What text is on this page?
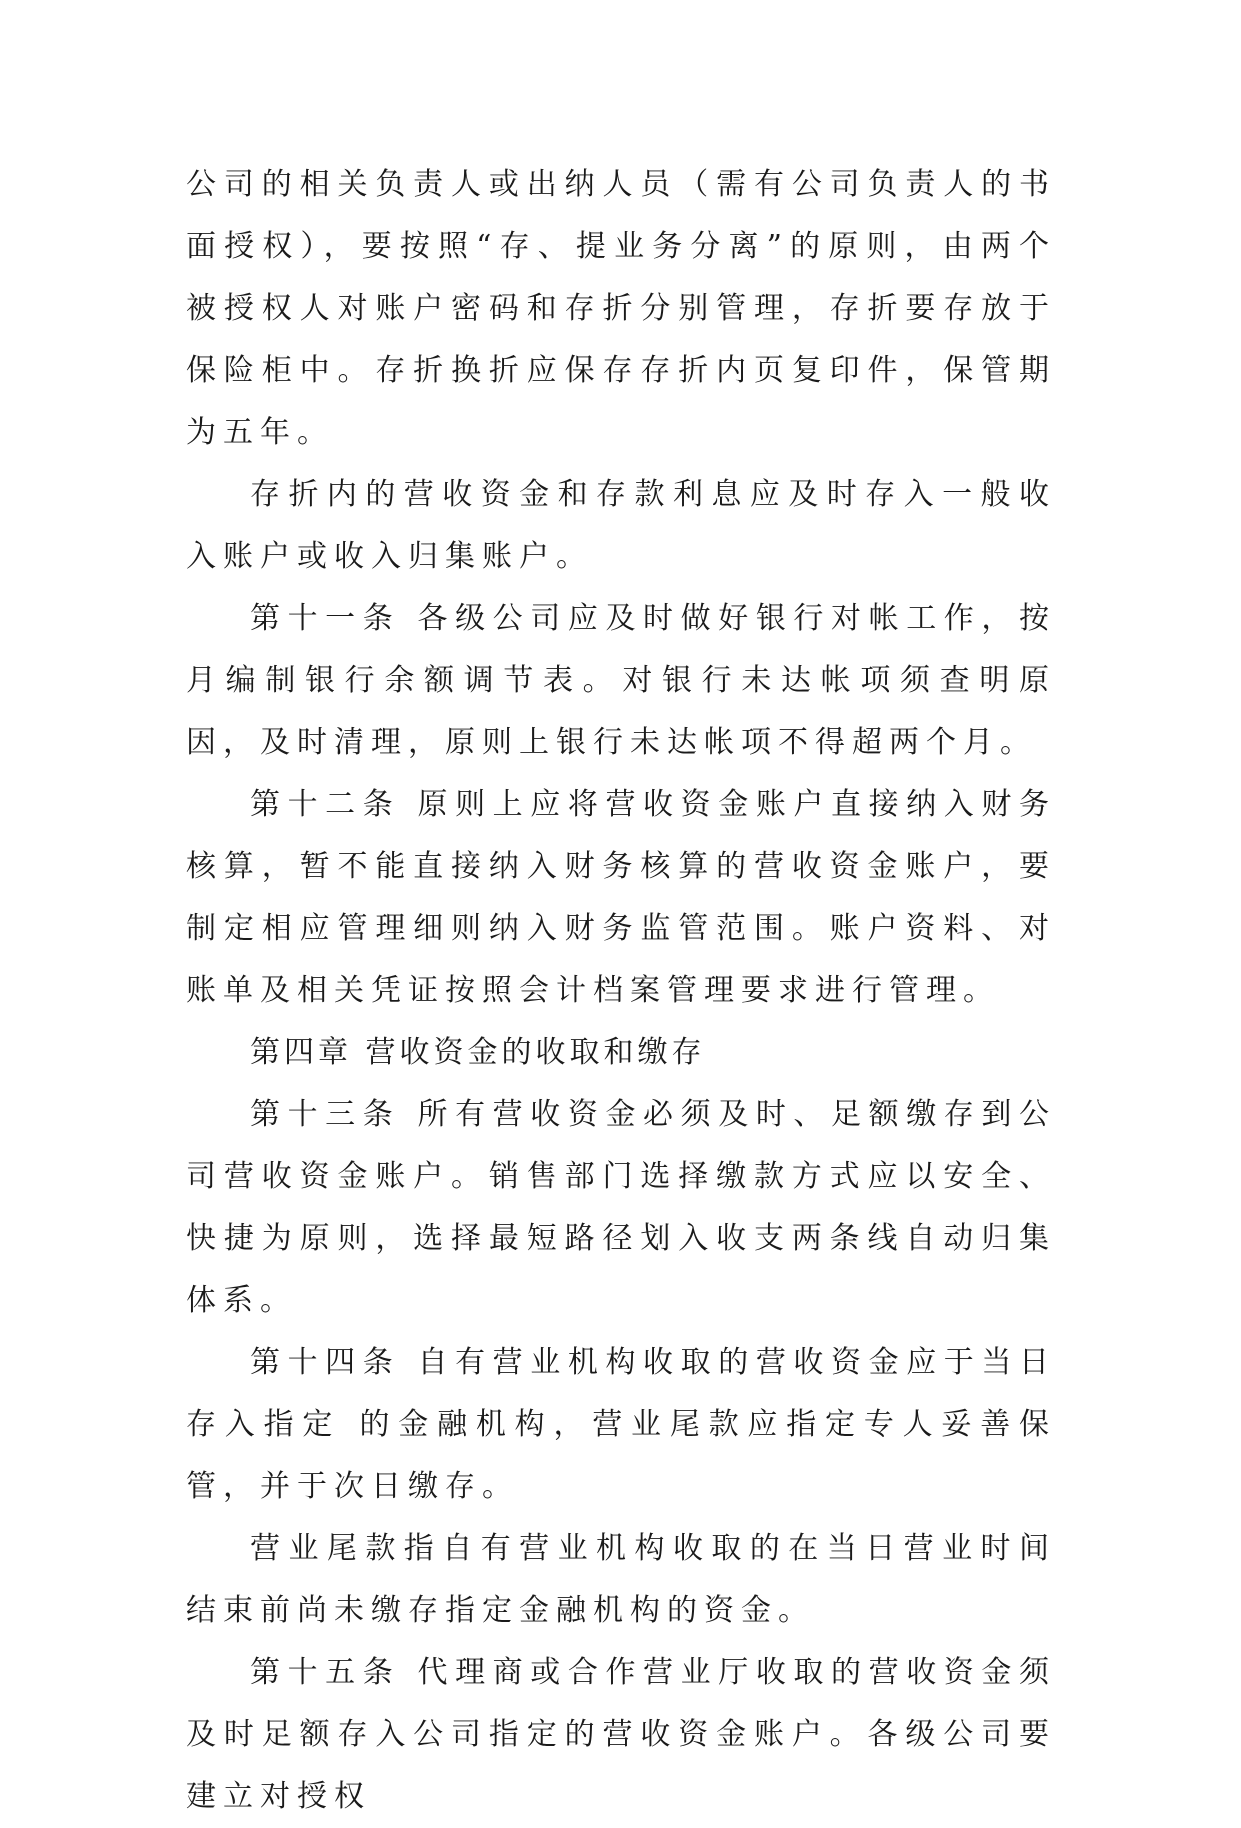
公司的相关负责人或出纳人员（需有公司负责人的书面授权），要按照“存、提业务分离”的原则，由两个被授权人对账户密码和存折分别管理，存折要存放于保险柜中。存折换折应保存存折内页复印件，保管期为五年。

存折内的营收资金和存款利息应及时存入一般收入账户或收入归集账户。

第十一条 各级公司应及时做好银行对帐工作，按月编制银行余额调节表。对银行未达帐项须查明原因，及时清理，原则上银行未达帐项不得超两个月。

第十二条 原则上应将营收资金账户直接纳入财务核算，暂不能直接纳入财务核算的营收资金账户，要制定相应管理细则纳入财务监管范围。账户资料、对账单及相关凭证按照会计档案管理要求进行管理。

第四章 营收资金的收取和缴存

第十三条 所有营收资金必须及时、足额缴存到公司营收资金账户。销售部门选择缴款方式应以安全、快捷为原则，选择最短路径划入收支两条线自动归集体系。

第十四条 自有营业机构收取的营收资金应于当日存入指定 的金融机构，营业尾款应指定专人妥善保管，并于次日缴存。

营业尾款指自有营业机构收取的在当日营业时间结束前尚未缴存指定金融机构的资金。

第十五条 代理商或合作营业厅收取的营收资金须及时足额存入公司指定的营收资金账户。各级公司要建立对授权
